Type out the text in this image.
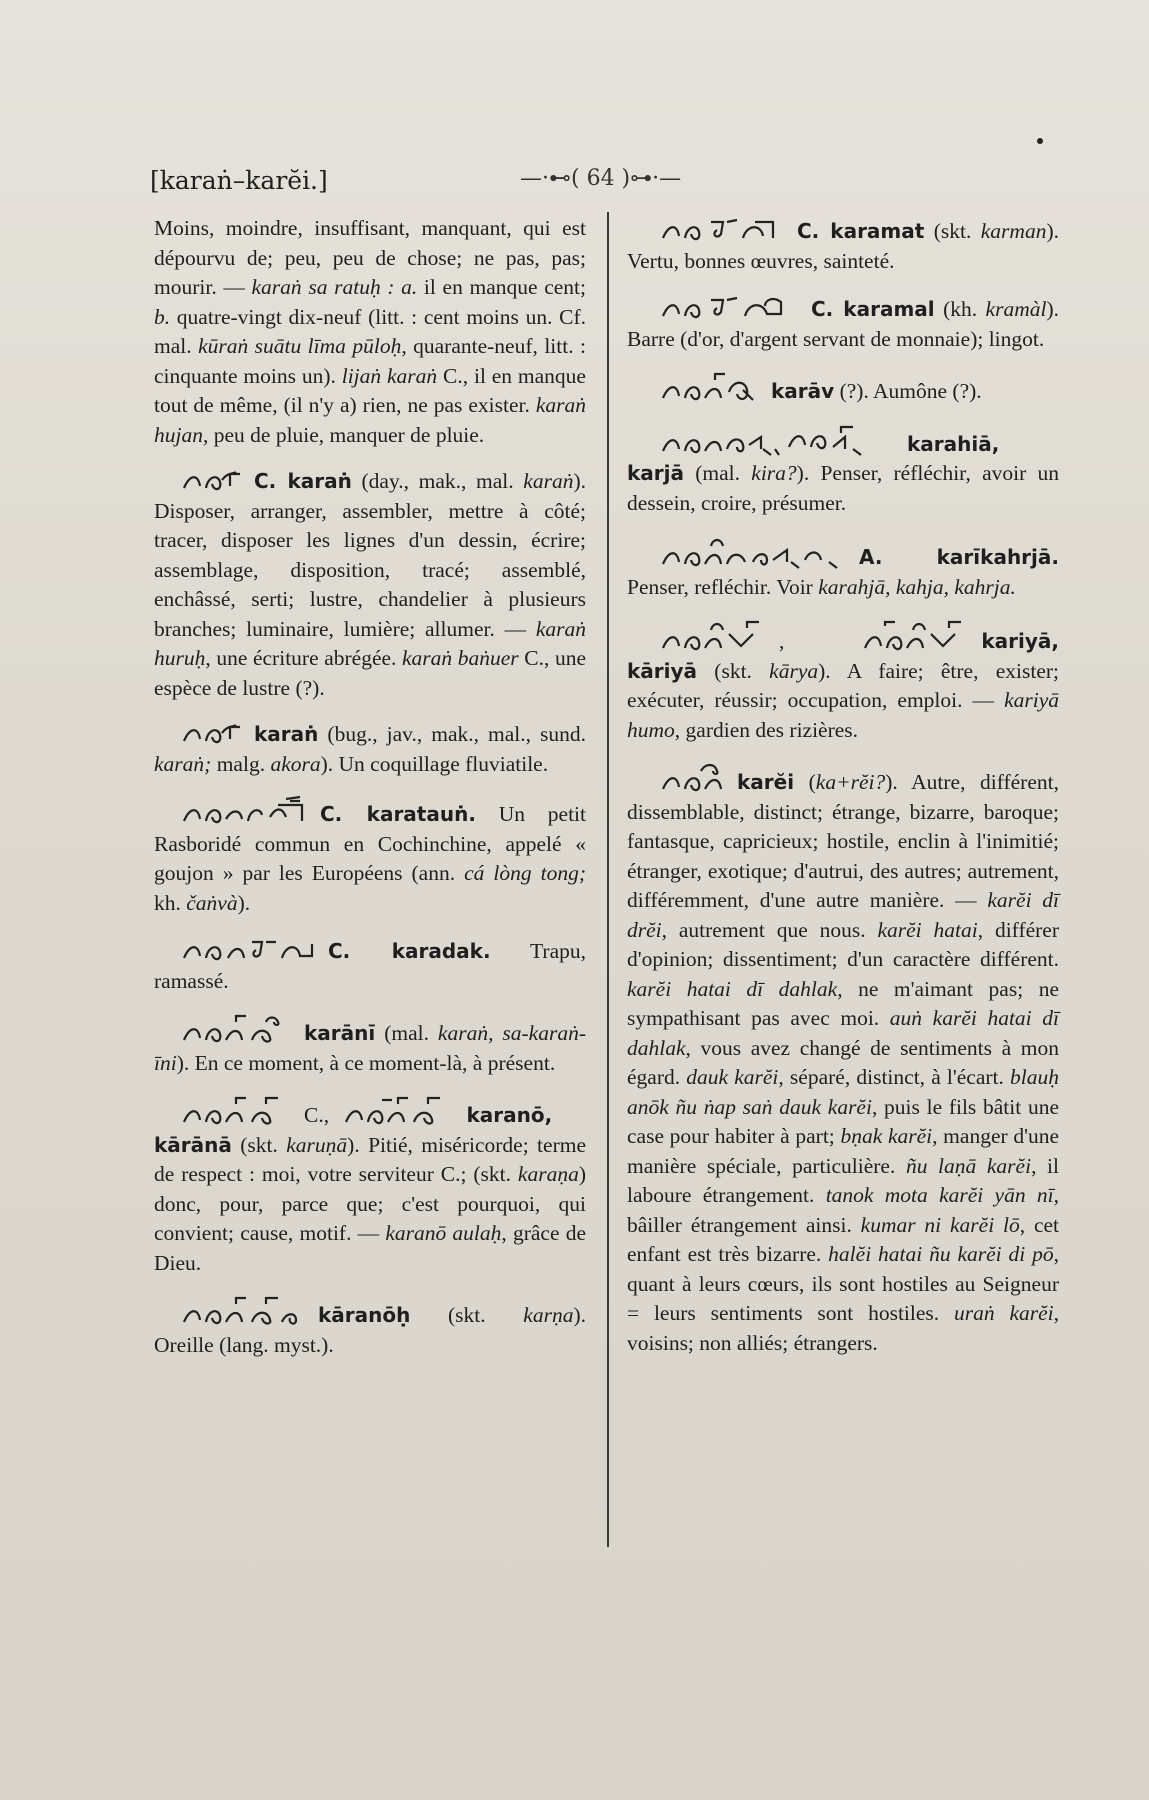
[karaṅ–karĕi.]	—·⊷( 64 )⊶·—
Moins, moindre, insuffisant, manquant, qui est dépourvu de; peu, peu de chose; ne pas, pas; mourir. — karaṅ sa ratuḥ : a. il en manque cent; b. quatre-vingt dix-neuf (litt. : cent moins un. Cf. mal. kūraṅ suātu līma pūloḥ, quarante-neuf, litt. : cinquante moins un). lijaṅ karaṅ C., il en manque tout de même, (il n'y a) rien, ne pas exister. karaṅ hujan, peu de pluie, manquer de pluie.
C. karaṅ (day., mak., mal. karaṅ). Disposer, arranger, assembler, mettre à côté; tracer, disposer les lignes d'un dessin, écrire; assemblage, disposition, tracé; assemblé, enchâssé, serti; lustre, chandelier à plusieurs branches; luminaire, lumière; allumer. — karaṅ huruḥ, une écriture abrégée. karaṅ baṅuer C., une espèce de lustre (?).
karaṅ (bug., jav., mak., mal., sund. karaṅ; malg. akora). Un coquillage fluviatile.
C. karatauṅ. Un petit Rasboridé commun en Cochinchine, appelé « goujon » par les Européens (ann. cá lòng tong; kh. čaṅvà).
C. karadak. Trapu, ramassé.
karānī (mal. karaṅ, sa-karaṅ-īni). En ce moment, à ce moment-là, à présent.
C.,	karanō,
kārānā (skt. karuṇā). Pitié, miséricorde; terme de respect : moi, votre serviteur C.; (skt. karaṇa) donc, pour, parce que; c'est pourquoi, qui convient; cause, motif. — karanō aulaḥ, grâce de Dieu.
kāranōḥ (skt. karṇa). Oreille (lang. myst.).
C. karamat (skt. karman). Vertu, bonnes œuvres, sainteté.
C. karamal (kh. kramàl). Barre (d'or, d'argent servant de monnaie); lingot.
karāv (?). Aumône (?).
karahiā, karjā (mal. kira?). Penser, réfléchir, avoir un dessein, croire, présumer.
A. karīkahrjā. Penser, refléchir. Voir karahjā, kahja, kahrja.
,	kariyā, kāriyā (skt. kārya). A faire; être, exister; exécuter, réussir; occupation, emploi. — kariyā humo, gardien des rizières.
karĕi (ka+rĕi?). Autre, différent, dissemblable, distinct; étrange, bizarre, baroque; fantasque, capricieux; hostile, enclin à l'inimitié; étranger, exotique; d'autrui, des autres; autrement, différemment, d'une autre manière. — karĕi dī drĕi, autrement que nous. karĕi hatai, différer d'opinion; dissentiment; d'un caractère différent. karĕi hatai dī dahlak, ne m'aimant pas; ne sympathisant pas avec moi. auṅ karĕi hatai dī dahlak, vous avez changé de sentiments à mon égard. dauk karĕi, séparé, distinct, à l'écart. blauḥ anōk ñu ṅap saṅ dauk karĕi, puis le fils bâtit une case pour habiter à part; bṇak karĕi, manger d'une manière spéciale, particulière. ñu laṇā karĕi, il laboure étrangement. tanok mota karĕi yān nī, bâiller étrangement ainsi. kumar ni karĕi lō, cet enfant est très bizarre. halĕi hatai ñu karĕi di pō, quant à leurs cœurs, ils sont hostiles au Seigneur = leurs sentiments sont hostiles. uraṅ karĕi, voisins; non alliés; étrangers.
